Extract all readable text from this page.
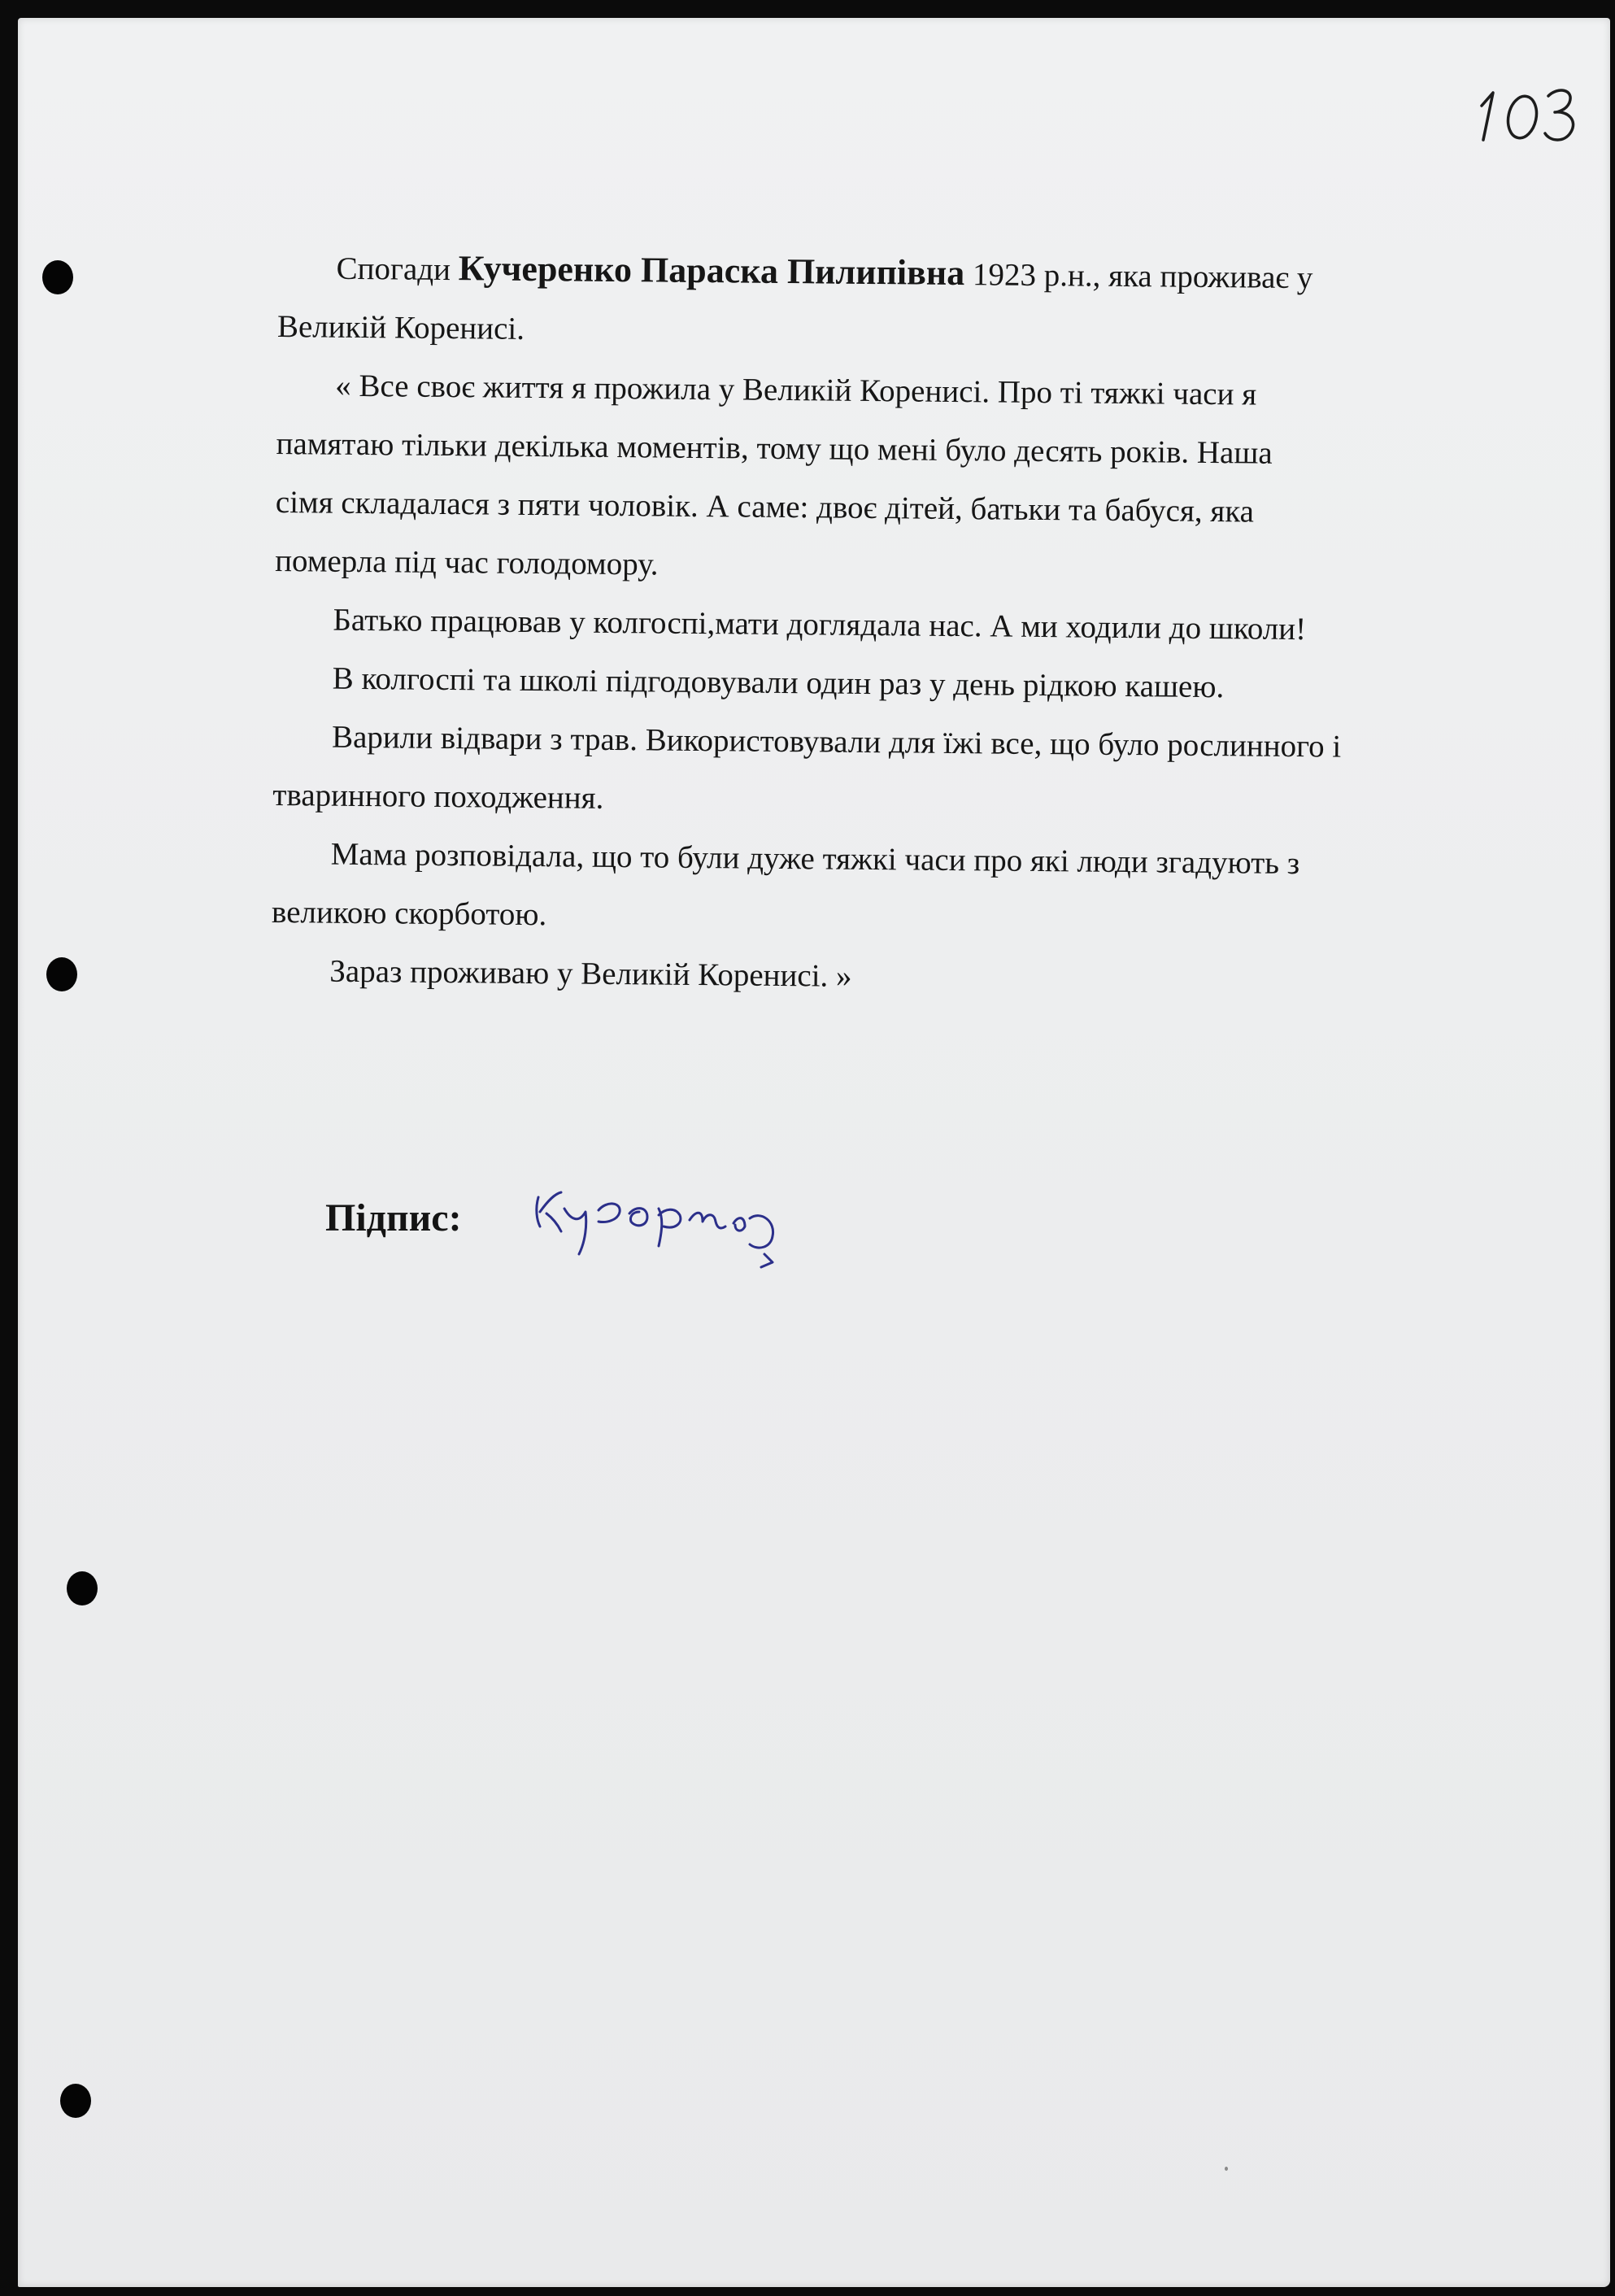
Спогади Кучеренко Параска Пилипівна 1923 р.н., яка проживає у
Великій Коренисі.
« Все своє життя я прожила у Великій Коренисі. Про ті тяжкі часи я
памятаю тільки декілька моментів, тому що мені було десять років. Наша
сімя складалася з пяти чоловік. А саме: двоє дітей, батьки та бабуся, яка
померла під час голодомору.
Батько працював у колгоспі,мати доглядала нас. А ми ходили до школи!
В колгоспі та школі підгодовували один раз у день рідкою кашею.
Варили відвари з трав. Використовували для їжі все, що було рослинного і
тваринного походження.
Мама розповідала, що то були дуже тяжкі часи про які люди згадують з
великою скорботою.
Зараз проживаю у Великій Коренисі. »
Підпис:
